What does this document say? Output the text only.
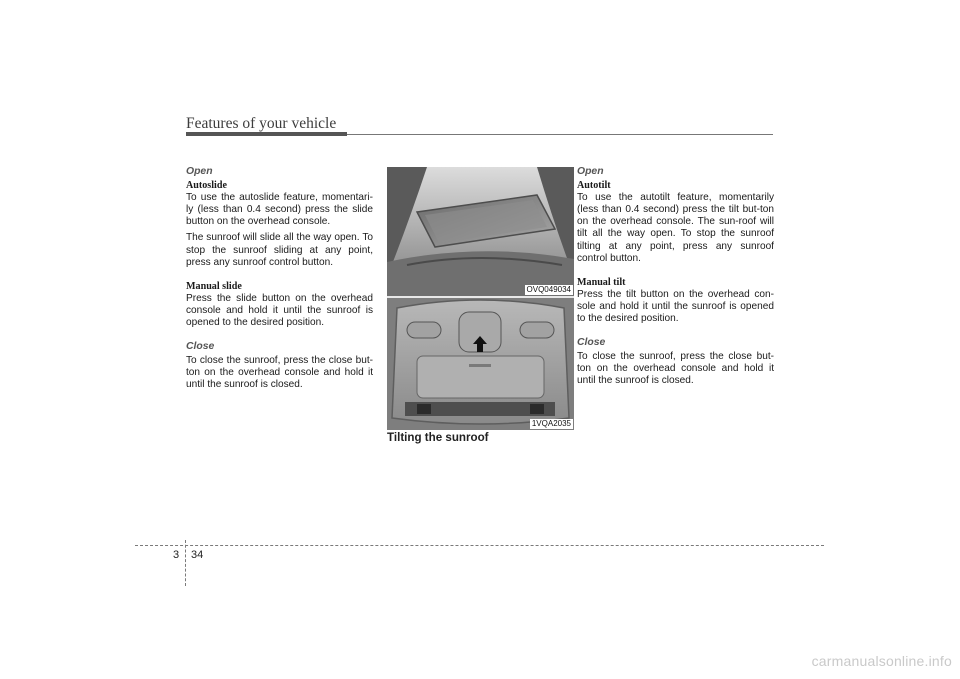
Features of your vehicle

Open

Autoslide

To use the autoslide feature, momentari-ly (less than 0.4 second) press the slide button on the overhead console.

The sunroof will slide all the way open. To stop the sunroof sliding at any point, press any sunroof control button.

Manual slide

Press the slide button on the overhead console and hold it until the sunroof is opened to the desired position.

Close

To close the sunroof, press the close but-ton on the overhead console and hold it until the sunroof is closed.

OVQ049034
1VQA2035
Tilting the sunroof

Open

Autotilt

To use the autotilt feature, momentarily (less than 0.4 second) press the tilt but-ton on the overhead console. The sun-roof will tilt all the way open. To stop the sunroof tilting at any point, press any sunroof control button.

Manual tilt

Press the tilt button on the overhead con-sole and hold it until the sunroof is opened to the desired position.

Close

To close the sunroof, press the close but-ton on the overhead console and hold it until the sunroof is closed.

3 34
carmanualsonline.info
